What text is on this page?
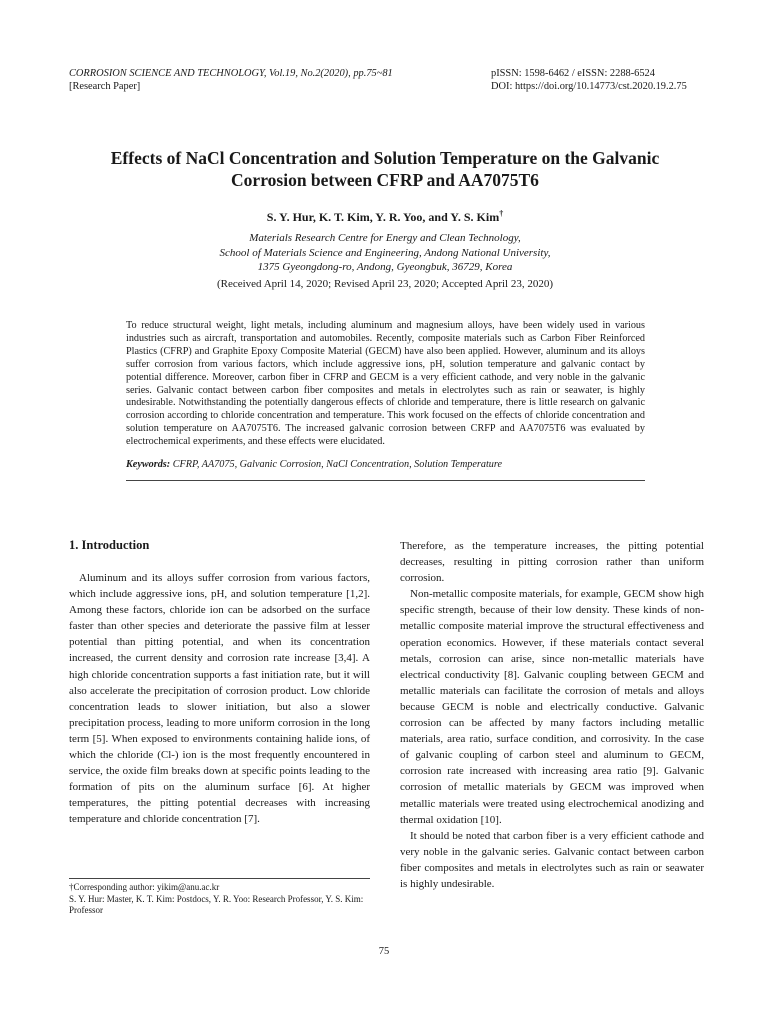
CORROSION SCIENCE AND TECHNOLOGY, Vol.19, No.2(2020), pp.75~81
[Research Paper]
pISSN: 1598-6462 / eISSN: 2288-6524
DOI: https://doi.org/10.14773/cst.2020.19.2.75
Effects of NaCl Concentration and Solution Temperature on the Galvanic
Corrosion between CFRP and AA7075T6
S. Y. Hur, K. T. Kim, Y. R. Yoo, and Y. S. Kim†
Materials Research Centre for Energy and Clean Technology,
School of Materials Science and Engineering, Andong National University,
1375 Gyeongdong-ro, Andong, Gyeongbuk, 36729, Korea
(Received April 14, 2020; Revised April 23, 2020; Accepted April 23, 2020)
To reduce structural weight, light metals, including aluminum and magnesium alloys, have been widely used in various industries such as aircraft, transportation and automobiles. Recently, composite materials such as Carbon Fiber Reinforced Plastics (CFRP) and Graphite Epoxy Composite Material (GECM) have also been applied. However, aluminum and its alloys suffer corrosion from various factors, which include aggressive ions, pH, solution temperature and galvanic contact by potential difference. Moreover, carbon fiber in CFRP and GECM is a very efficient cathode, and very noble in the galvanic series. Galvanic contact between carbon fiber composites and metals in electrolytes such as rain or seawater, is highly undesirable. Notwithstanding the potentially dangerous effects of chloride and temperature, there is little research on galvanic corrosion according to chloride concentration and temperature. This work focused on the effects of chloride concentration and solution temperature on AA7075T6. The increased galvanic corrosion between CRFP and AA7075T6 was evaluated by electrochemical experiments, and these effects were elucidated.
Keywords: CFRP, AA7075, Galvanic Corrosion, NaCl Concentration, Solution Temperature
1. Introduction

Aluminum and its alloys suffer corrosion from various factors, which include aggressive ions, pH, and solution temperature [1,2]. Among these factors, chloride ion can be adsorbed on the surface faster than other species and deteriorate the passive film at lesser potential than pitting potential, and when its concentration increased, the current density and corrosion rate increase [3,4]. A high chloride concentration supports a fast initiation rate, but it will also accelerate the precipitation of corrosion product. Low chloride concentration leads to slower initiation, but also a slower precipitation process, leading to more uniform corrosion in the long term [5]. When exposed to environments containing halide ions, of which the chloride (Cl-) ion is the most frequently encountered in service, the oxide film breaks down at specific points leading to the formation of pits on the aluminum surface [6]. At higher temperatures, the pitting potential decreases with increasing temperature and chloride concentration [7].

Therefore, as the temperature increases, the pitting potential decreases, resulting in pitting corrosion rather than uniform corrosion.

Non-metallic composite materials, for example, GECM show high specific strength, because of their low density. These kinds of non-metallic composite material improve the structural effectiveness and operation economics. However, if these materials contact several metals, corrosion can arise, since non-metallic materials have electrical conductivity [8]. Galvanic coupling between GECM and metallic materials can facilitate the corrosion of metals and alloys because GECM is noble and electrically conductive. Galvanic corrosion can be affected by many factors including metallic materials, area ratio, surface condition, and corrosivity. In the case of galvanic coupling of carbon steel and aluminum to GECM, corrosion rate increased with increasing area ratio [9]. Galvanic corrosion of metallic materials by GECM was improved when metallic materials were treated using electrochemical anodizing and thermal oxidation [10].

It should be noted that carbon fiber is a very efficient cathode and very noble in the galvanic series. Galvanic contact between carbon fiber composites and metals in electrolytes such as rain or seawater is highly undesirable.

†Corresponding author: yikim@anu.ac.kr
S. Y. Hur: Master, K. T. Kim: Postdocs, Y. R. Yoo: Research Professor, Y. S. Kim: Professor
75
